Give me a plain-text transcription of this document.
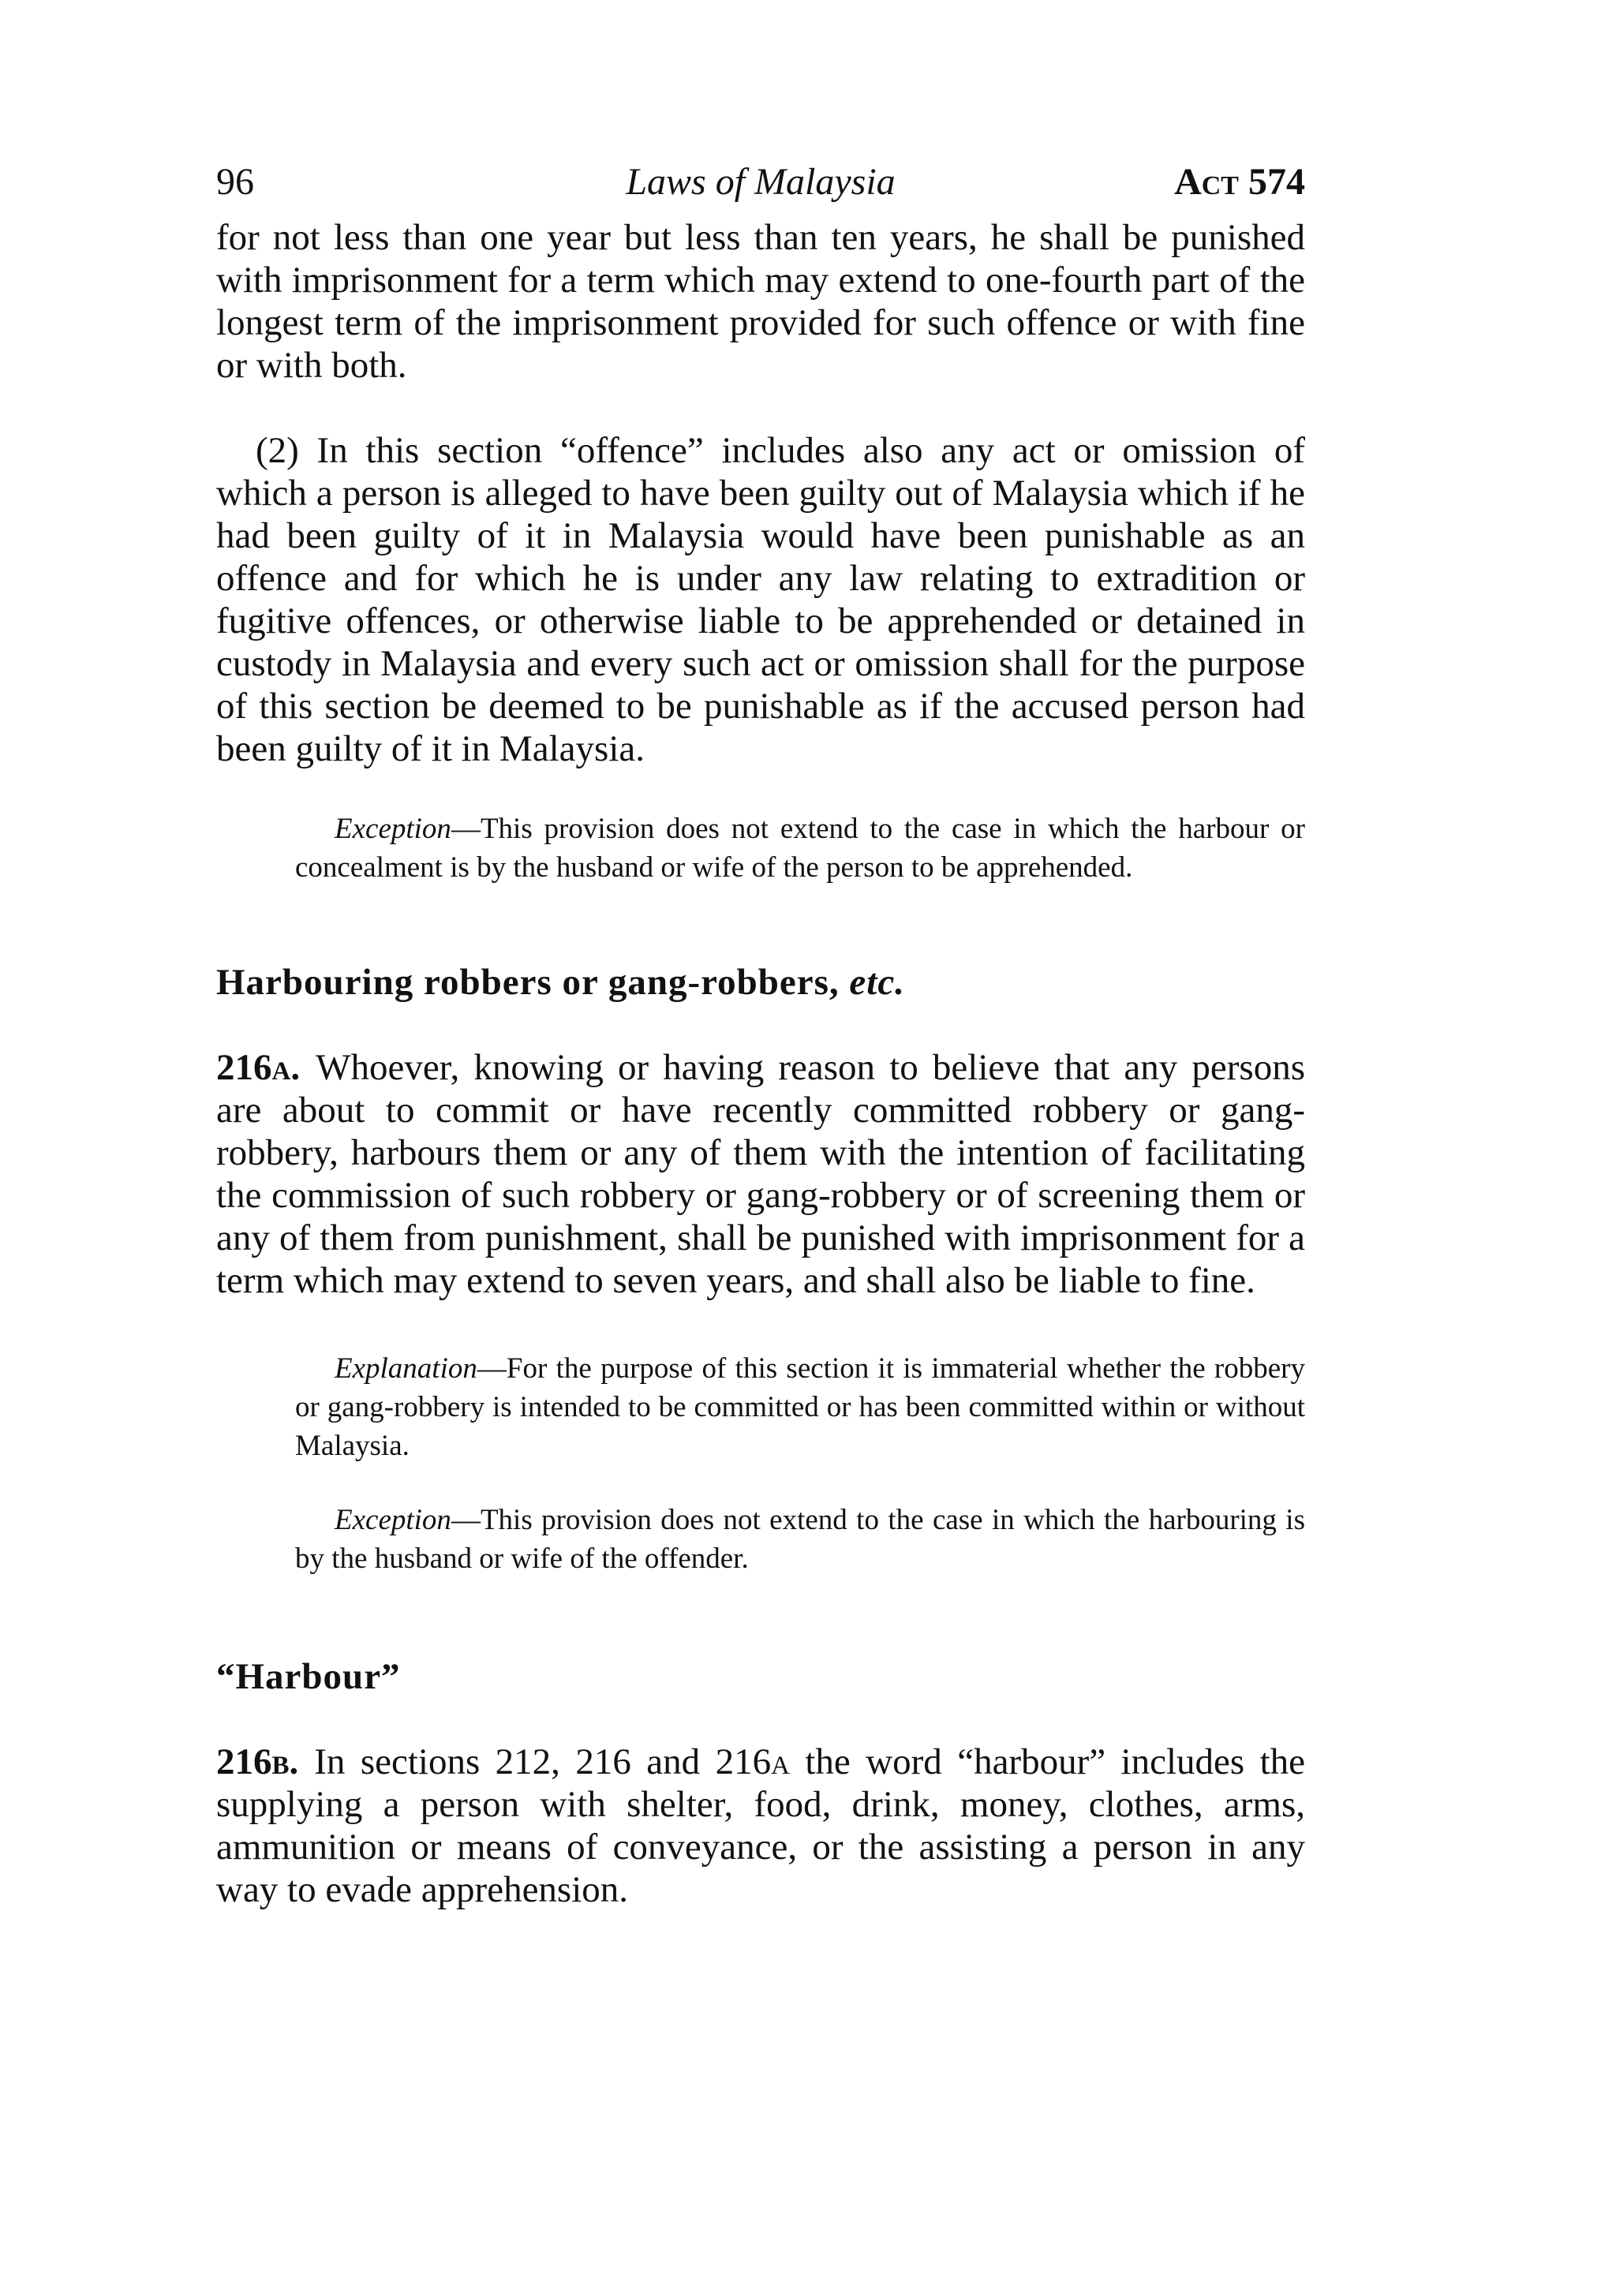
96	Laws of Malaysia	Act 574

for not less than one year but less than ten years, he shall be punished with imprisonment for a term which may extend to one-fourth part of the longest term of the imprisonment provided for such offence or with fine or with both.

(2) In this section “offence” includes also any act or omission of which a person is alleged to have been guilty out of Malaysia which if he had been guilty of it in Malaysia would have been punishable as an offence and for which he is under any law relating to extradition or fugitive offences, or otherwise liable to be apprehended or detained in custody in Malaysia and every such act or omission shall for the purpose of this section be deemed to be punishable as if the accused person had been guilty of it in Malaysia.

Exception—This provision does not extend to the case in which the harbour or concealment is by the husband or wife of the person to be apprehended.

Harbouring robbers or gang-robbers, etc.

216a. Whoever, knowing or having reason to believe that any persons are about to commit or have recently committed robbery or gang-robbery, harbours them or any of them with the intention of facilitating the commission of such robbery or gang-robbery or of screening them or any of them from punishment, shall be punished with imprisonment for a term which may extend to seven years, and shall also be liable to fine.

Explanation—For the purpose of this section it is immaterial whether the robbery or gang-robbery is intended to be committed or has been committed within or without Malaysia.

Exception—This provision does not extend to the case in which the harbouring is by the husband or wife of the offender.

“Harbour”

216b. In sections 212, 216 and 216a the word “harbour” includes the supplying a person with shelter, food, drink, money, clothes, arms, ammunition or means of conveyance, or the assisting a person in any way to evade apprehension.
